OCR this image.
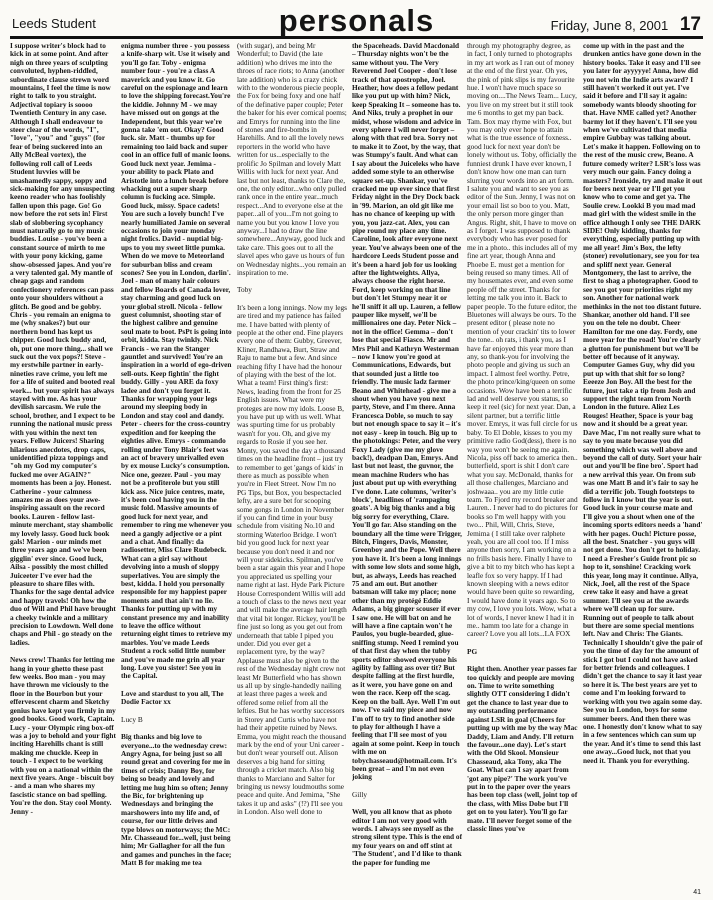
Leeds Student	personals	Friday, June 8, 2001 17

I suppose writer's block had to kick in at some point. And after nigh on three years of sculpting convoluted, hyphen-riddled, subordinate clause strewn word mountains, I feel the time is now right to talk to you straight. Adjectival topiary is soooo Twentieth Century in any case. Although I shall endeavour to steer clear of the words, "I", "love", "you" and "guys" (for fear of being suckered into an Ally McBeal vortex), the following roll call of Leeds Student luvvies will be unashamedly sappy, soppy and sick-making for any unsuspecting keeno reader who has foolishly fallen upon this page. Go! Go now before the rot sets in! First slab of slobbering sycophancy must naturally go to my music buddies. Louise - you've been a constant source of mirth to me with your pony kicking, game show-obsessed japes. And you're a very talented gal. My mantle of cheap gags and random confectionery references can pass onto your shoulders without a glitch. Be good and be gobby. Chris - you remain an enigma to me (why snakes?) but our northern bond has kept us chipper. Good luck buddy and, oh, put one more thing... shall we suck out the vox pops?! Steve - my erstwhile partner in early-nineties rave crime, you left me for a life of suited and booted real work... but your spirit has always stayed with me. As has your devilish sarcasm. We rule the school, brother, and I expect to be running the national music press with you within the next ten years. Fellow Juicers! Sharing hilarious anecdotes, drop caps, unidentified pizza toppings and "oh my God my computer's fucked me over AGAIN?" moments has been a joy. Honest. Catherine - your calmness amazes me as does your awe-inspiring assault on the record books. Lauren - fellow last-minute merchant, stay shambolic my lovely lassy. Good luck book gals! Marion - our minds met three years ago and we've been gigglin' ever since. Good luck, Ailsa - possibly the most chilled Juiceeter I've ever had the pleasure to share files with. Thanks for the sage dental advice and happy travels! Oh how the duo of Will and Phil have brought a cheeky twinkle and a military precision to Lowdown. Well done chaps and Phil - go steady on the ladies.

News crew! Thanks for letting me hang in your ghetto these past few weeks. Boo man - you may have thrown me viciously to the floor in the Bourbon but your effervescent charm and Sketchy genius have kept you firmly in my good books. Good work, Captain. Lucy - your Olympic ring box-off was a joy to behold and your fight inciting Harehills chant is still making me chuckle. Keep in touch - I expect to be working with you on a national within the next five years. Ange - biscuit boy - and a man who shares my fascistic stance on bad spelling. You're the don. Stay cool Monty. Jenny -

enigma number three - you possess a knife-sharp wit. Use it wisely and you'll go far. Toby - enigma number four - you're a class A maverick and you know it. Go careful on the espionage and learn to love the shipping forecast.You're the kiddie. Johnny M - we may have missed out on gongs at the Independent, but this year we're gonna take 'em out. Okay? Good luck. sir. Matt - thumbs up for remaining too laid back and super cool in an office full of manic loons. Good luck next year. Jemima - your ability to pack Plato and Aristotle into a lunch break before whacking out a super sharp column is fucking ace. Simple. Good luck, missy. Space cadets! You are such a lovely bunch! I've nearly humiliated Jamie on several occasions to join your monday night frolics. David - nuptial big-ups to you my sweet little pumka. When do we move to Meteorland for suburban bliss and cream scones? See you in London, darlin'. Joel - man of many hair colours and fellow Boards of Canada lover, stay charming and good luck on your global stroll. Nicola - fellow guest columnist, shooting star of the highest calibre and genuine soul mate to boot. PsPt is going into orbit, kidda. Stay twinkly. Nick Francis - we ran the Stanger gauntlet and survived! You're an inspiration in a world of ego-driven sell-outs. Keep fightin' the fight buddy. Gilly - you ARE da foxy ladee and don't you forget it. Thanks for wrapping your legs around my sleeping body in London and stay cool and dandy. Peter - cheers for the cross-country expedition and for keeping the eighties alive. Emrys - commando rolling under Tony Blair's feet was an act of bravery unrivalled even by ex mouse Lucky's consumption. Nice one, geezer. Paul - you may not be a profiterole but you still kick ass. Nice juice centres, mate, it's been cool having you in the music fold. Massive amounts of good luck for next year, and remember to ring me whenever you need a gangly adjective or a pint and a chat. And finally: da radiosetter, Miss Clare Rudebeck. What can a girl say without devolving into a mush of sloppy superlatives. You are simply the best, kidda. I hold you personally responsible for my happiest paper moments and that ain't no lie. Thanks for putting up with my constant presence my and inability to leave the office without returning eight times to retrieve my marbles. You've made Leeds Student a rock solid little number and you've made me grin all year long. Love you sister! See you in the Capital.

Love and stardust to you all, The Dodie Factor xx

Lucy B

Big thanks and big love to everyone...to the wednesday crew: Angry Agna, for being just so all round great and covering for me in times of crisis; Danny Boy, for being so beady and lovely and letting me hug him so often; Jenny the Bic, for brightening up Wednesdays and bringing the marshowers into my life and, of course, for our little drives and type blows on motorways; the MC: Mr. Chasseaud for...well, just being him; Mr Gallagher for all the fun and games and punches in the face; Matt B for making me tea

(with sugar), and being Mr Wonderful; to David (the late addition) who drives me into the throes of race riots; to Anna (another late addition) who is a crazy chick with to the wonderous piecie people, the Fox for being foxy and one half of the definative paper couple; Peter the baker for his ever comical poems; and Emrys for running into the line of stones and fire-bombs in Harehills. And to all the lovely news reporters in the world who have written for us...especially to the prolific Jo Spilman and lovely Matt Willis with luck for next year. And last but not least, thanks to Clare the, one, the only editor...who only pulled rank once in the entire year...much respect...And to everyone else at the paper...all of you...I'm not going to name you but you know I love you anyway...I had to draw the line somewhere...Anyway, good luck and take care. This goes out to all the slavel apes who gave us hours of fun on Wednesday nights...you remain an inspiration to me.

Toby

It's been a long innings. Now my legs are tired and my patience has failed me. I have batted with plenty of people at the other end. Fine players every one of them: Gubby, Greever, Kliner, Randhawa, Burt, Straw and Raju to name but a few. And since reaching fifty I have had the honour of playing with the best of the lot. What a team! First thing's first: News, leading from the front for 25 English issues. What were my proteges are now my idols. Loose B, you have put up with us well. What was spurting time for us probably wasn't for you. Oh, and give my regards to Rosie if you see her. Monty, you saved the day a thousand times on the headline front – just try to remember to get 'gangs of kids' in there as much as possible when you're in Fleet Street. Now I'm no PG Tips, but Box, you bespectacled lefty, are a sure bet for scooping some gongs in London in November if you can find time in your busy schedule from visiting No.10 and storming Waterloo Bridge. I won't bid you good luck for next year because you don't need it and nor will your sidekicks. Spilman, you've been a star again this year and I hope you appreciated us spelling your name right at last. Hyde Park Picture House Correspondent Willis will add a touch of class to the news next year and will make the average hair length that vital bit longer. Rickey, you'll be fine just so long as you get out from underneath that table I piped you under. Did you ever get a replacement tyre, by the way? Applause must also be given to the rest of the Wednesday night crew not least Mr Butterfield who has shown us all up by single-handedly nailing at least three pages a week and offered some relief from all the lefties. But he has worthy successors in Storey and Curtis who have not had their appetite ruined by News. Emma, you might reach the thousand mark by the end of your Uni career - but don't wear yourself out. Alison deserves a big hand for sitting through a cricket match. Also big thanks to Marciano and Salter for bringing us newsy loudmouths some peace and quite. And Jemima, "She takes it up and asks" (!?) I'll see you in London. Also well done to

the Spaceheads. David Macdonald – Thursday nights won't be the same without you. The Very Reverend Joel Cooper - don't lose track of that apostrophe, Joel. Heather, how does a fellow pedant like you put up with him? Nick, keep Speaking It – someone has to. And Niks, truly a prophet in our midst, whose wisdom and advice in every sphere I will never forget – along with that red bra. Sorry not to make it to Zoot, by the way, that was Stumpy's fault. And what can I say about the Juiceleks who have added some style to an otherwise square set-up. Shankar, you've cracked me up ever since that first Friday night in the Dry Dock back in '99. Marion, an old git like me has no chance of keeping up with you, you jazz-cat. Alex, you can pipe round my place any time. Caroline, look after everyone next year. You've always been one of the hardcore Leeds Student posse and it's been a hard job for us looking after the lightweights. Allya, always choose the right horse. Ford, keep working on that line but don't let Stumpy near it or he'll sniff it all up. Lauren, a fellow pauper like myself, we'll be millionaires one day. Peter Nick – not in the office! Gemma – don't lose that special Fiasco. Mr and Mrs Phil and Kathryn Westerman – now I know you're good at Communications, Edwards, but that sounded just a little too friendly. The music ladz farmer Beano and Whitehead - give me a shout when you have you next party, Steve, and I'm there. Anna Francesca Doble, so much to say but not enough space to say it – it's not easy - keep in touch. Big up to the photokings: Peter, and the very Foxy Lady (give me my glove back!), deadpan Dan, Emrys. And last but not least, the guvnor, the mean machine Ruders who has just about put up with everything I've done. Late columns, 'writer's block', headlines of 'rampaging goats'. A big big thanks and a big big sorry for everything, Clare. You'll go far. Also standing on the boundary all the time were Trigger, Bitch, Fingers, Davis, Monster, Greenboy and the Pope. Well there you have it. It's been a long innings with some low slots and some high, but, as always, Leeds has reached 75 and am out. But another batsman will take my place; none other than my protégé Eddie Adams, a big ginger scouser if ever I saw one. He will bat on and he will have a fine captain won't he Paulos, you bugle-bearded, glue-sniffing stump. Need I remind you of that first day when the tubby sports editor showed everyone his agility by falling ass over tit? But despite falling at the first hurdle, as it were, you have gone on and won the race. Keep off the scag. Keep on the ball. Aye. Well I'm out now. I've said my piece and now I'm off to try to find another side to play for although I have a feeling that I'll see most of you again at some point. Keep in touch with me on tobychasseaud@hotmail.com. It's been great – and I'm not even joking

Gilly

Well, you all know that as photo editor I am not very good with words. I always see myself as the strong silent type. This is the end of my four years on and off stint at 'The Student', and I'd like to thank the paper for funding me

through my photography degree, as in fact, I only turned to photographs in my art work as I ran out of money at the end of the first year. Oh yes, the pink of pink slips is my favourite hue. I won't have much space so moving on....The News Team... Lucy, you live on my street but it still took me 6 months to get my pan back. Tam. Box may rhyme with Fox, but you may only ever hope to attain what is the true essence of foxness.. good luck for next year don't be lonely without us. Toby, officially the funniest drunk I have ever known, I don't know how one man can turn slurring your words into an art form. I salute you and want to see you as editor of the Sun. Jenny, I was not on your email list so boo to you. Matt, the only person more ginger than Angus. Right, shit, I have to move on as I forget. I was supposed to thank everybody who has ever posed for me in a photo.. this includes all of my fine art year, though Anna and Phoebe E. must get a mention for being reused so many times. All of my housemates ever, and even some people off the street. Thanks for letting me talk you into it. Back to paper people. To the future editor, the Bluetones will always be ours. To the present editor ( please note no mention of your crackin' tits to lower the tone.. oh rats, i thank you, as I have far enjoyed this year more than any, so thank-you for involving the photo people and giving us such an impact. I almost feel worthy. Petre, the photo prince/king/queen on some occasions. Wow have been a terrific lad and well deserve you status, so keep it reel (sic) for next year. Dan, a silent partner, but a terrific little mover. Emrys, it was full circle for us baby. To El Doble, kisses to you my primitive radio God(dess), there is no way you won't be seeing me again. Nicola, piss off back to america then.. butterfield, sport is shit I don't care what you say. McDonald, thanks for all those challenges, Marciano and joshwaaa.. you are my little cutie team. To Fjord my record breaker and Lauren.. I never had to do pictures for books so I'm well happy with you two... Phil, Will, Chris, Steve, Jemima ( I still take over ralphete yeah, you are all cool too. If I miss anyone then sorry, I am working on a no frills basis here. Finally I have to give a bit to my bitch who has kept a leafle fox so very happy. If I had known sleeping with a news editor would have been quite so rewarding, I would have done it years ago. So to my cow, I love you lots. Wow, what a lot of words, I never knew I had it in me.. hamm too late for a change in career? Love you all lots...LA FOX

PG

Right then. Another year passes far too quickly and people are moving on. Time to write something slightly OTT considering I didn't get the chance to last year due to my outstanding performance against LSR in goal (Cheers for putting up with me by the way Mac Daddy, Liam and Andy. I'll return the favour...one day). Let's start with the Old Skool. Monsieur Chasseaud, aka Tony, aka The Goat. What can I say apart from 'got any pipe?' The work you've put in to the paper over the years has been top class (well, joint top of the class, with Miss Dobe but I'll get on to you later). You'll go far mate. I'll never forget some of the classic lines you've

come up with in the past and the drunken antics have gone down in the history books. Take it easy and I'll see you later for ayyyyye! Anna, how did you not win the Indie arts award? I still haven't worked it out yet. I've said it before and I'll say it again: somebody wants bloody shooting for that. Have NME called yet? Another barmy lot if they haven't. I'll see you when we've cultivated that media empire Gubbay was talking about. Let's make it happen. Following on to the rest of the music crew, Beano. A future comedy writer? LSR's loss was very much our gain. Fancy doing a masters? Ironside, try and make it out for beers next year or I'll get you know who to come and get ya. The Soulie crew. Lookki B you mad mad mad girl with the widest smile in the office although I only see THE DARK SIDE! Only kidding, thanks for everything, especially putting up with me all year! Jim's Box, the lefty (stoner) revolutionary, see you for tea and spliff next year. General Montgomery, the last to arrive, the first to shag a photographer. Good to see you got your priorities right my son. Another for national work methinks in the not too distant future. Shankar, another old hand. I'll see you on the tele no doubt. Cheer Hamilton for me one day. Fordy, one more year for the road! You're clearly a glutton for punishment but we'll be better off because of it anyway. Computer Games Guy, why did you put up with that shit for so long? Eeeeze Jon Boy. All the best for the future, just take a tip from Josh and support the right team from North London in the future. Aliez Les Rouges! Heather, Space is your bag now and it should be a great year. Dave Mac, I'm not really sure what to say to you mate because you did something which was well above and beyond the call of duty. Sort your hair out and you'll be fine bro'. Sport had a new arrival this year. On from sub was one Matt B and it's fair to say he did a terrific job. Tough footsteps to follow in I know but the year is out. Good luck in your course mate and I'll give you a shout when one of the incoming sports editors needs a 'hand' with her pages. Ouch! Picture posse, all the best. Snatcher - you guys will not get done. You don't get to holiday. I need a Fresher's Guide front pic so hop to it, sonshine! Cracking work this year, long may it continue. Allya, Nick, Joel, all the rest of the Space crew take it easy and have a great summer. I'll see you at the awards where we'll clean up for sure. Running out of people to talk about but there are some special mentions left. Nav and Chris: The Giants. Technically I shouldn't give the pair of you the time of day for the amount of stick I got but I could not have asked for better friends and colleagues. I didn't get the chance to say it last year so here it is. The best years are yet to come and I'm looking forward to working with you two again some day. See you in London, boys for some summer beers. And then there was one. I honestly don't know what to say in a few sentences which can sum up the year. And it's time to send this last one away...Good luck, not that you need it. Thank you for everything.

41
